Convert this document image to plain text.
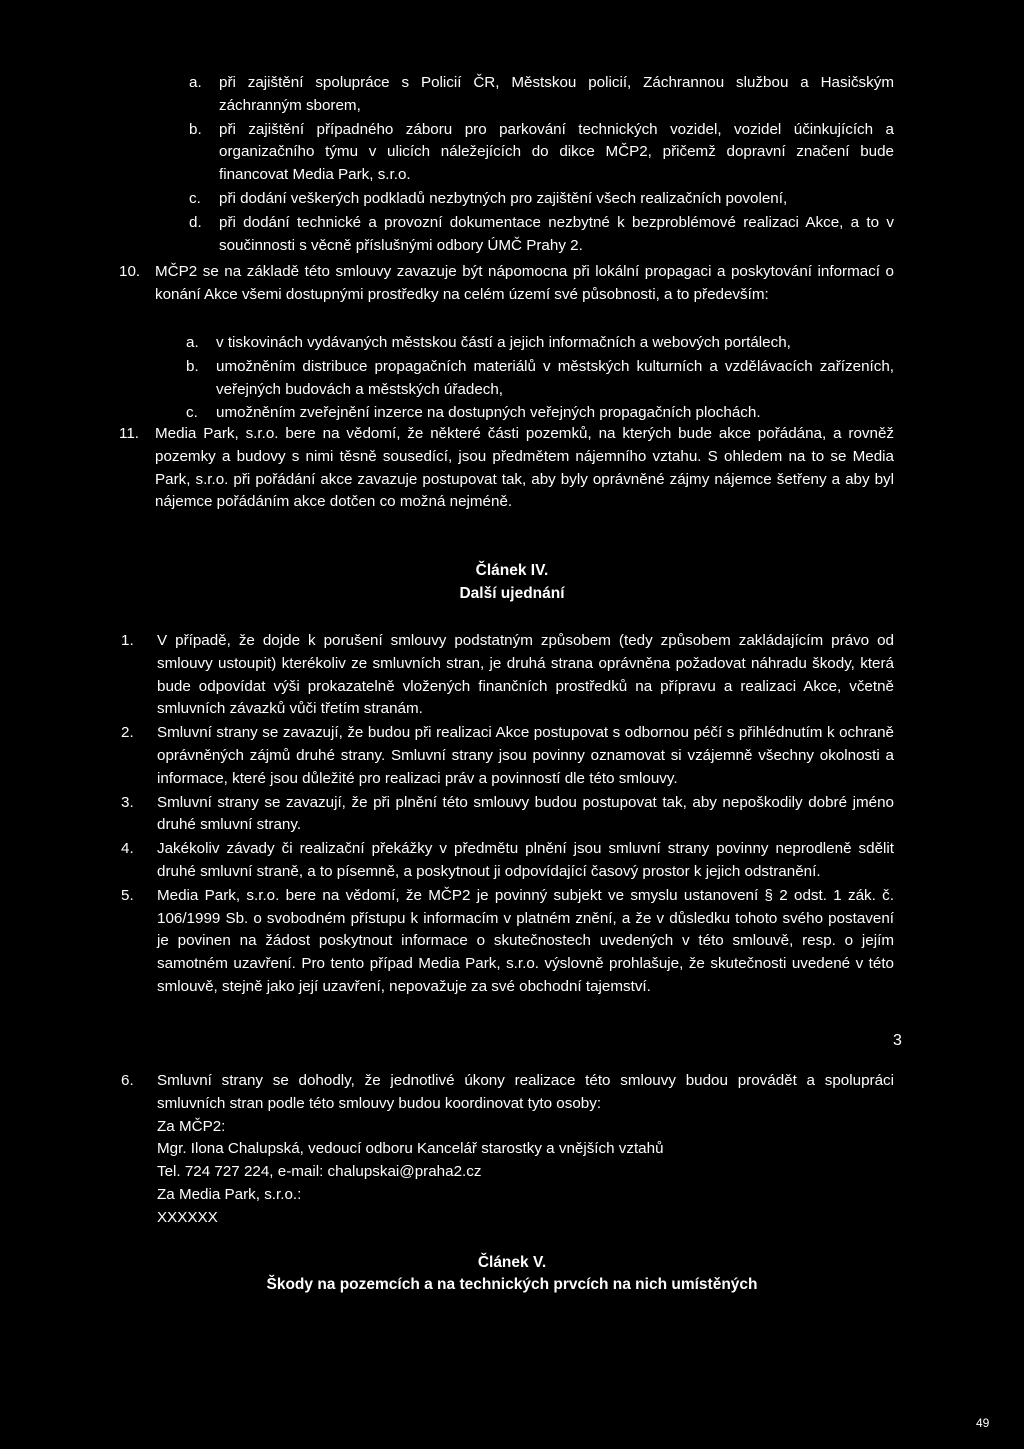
a.	při zajištění spolupráce s Policií ČR, Městskou policií, Záchrannou službou a Hasičským záchranným sborem,
b.	při zajištění případného záboru pro parkování technických vozidel, vozidel účinkujících a organizačního týmu v ulicích náležejících do dikce MČP2, přičemž dopravní značení bude financovat Media Park, s.r.o.
c.	při dodání veškerých podkladů nezbytných pro zajištění všech realizačních povolení,
d.	při dodání technické a provozní dokumentace nezbytné k bezproblémové realizaci Akce, a to v součinnosti s věcně příslušnými odbory ÚMČ Prahy 2.
10. MČP2 se na základě této smlouvy zavazuje být nápomocna při lokální propagaci a poskytování informací o konání Akce všemi dostupnými prostředky na celém území své působnosti, a to především:
a.	v tiskovinách vydávaných městskou částí a jejich informačních a webových portálech,
b.	umožněním distribuce propagačních materiálů v městských kulturních a vzdělávacích zařízeních, veřejných budovách a městských úřadech,
c.	umožněním zveřejnění inzerce na dostupných veřejných propagačních plochách.
11.	Media Park, s.r.o. bere na vědomí, že některé části pozemků, na kterých bude akce pořádána, a rovněž pozemky a budovy s nimi těsně sousedící, jsou předmětem nájemního vztahu. S ohledem na to se Media Park, s.r.o. při pořádání akce zavazuje postupovat tak, aby byly oprávněné zájmy nájemce šetřeny a aby byl nájemce pořádáním akce dotčen co možná nejméně.
Článek IV.
Další ujednání
1.	V případě, že dojde k porušení smlouvy podstatným způsobem (tedy způsobem zakládajícím právo od smlouvy ustoupit) kterékoliv ze smluvních stran, je druhá strana oprávněna požadovat náhradu škody, která bude odpovídat výši prokazatelně vložených finančních prostředků na přípravu a realizaci Akce, včetně smluvních závazků vůči třetím stranám.
2.	Smluvní strany se zavazují, že budou při realizaci Akce postupovat s odbornou péčí s přihlédnutím k ochraně oprávněných zájmů druhé strany. Smluvní strany jsou povinny oznamovat si vzájemně všechny okolnosti a informace, které jsou důležité pro realizaci práv a povinností dle této smlouvy.
3.	Smluvní strany se zavazují, že při plnění této smlouvy budou postupovat tak, aby nepoškodily dobré jméno druhé smluvní strany.
4.	Jakékoliv závady či realizační překážky v předmětu plnění jsou smluvní strany povinny neprodleně sdělit druhé smluvní straně, a to písemně, a poskytnout ji odpovídající časový prostor k jejich odstranění.
5.	Media Park, s.r.o. bere na vědomí, že MČP2 je povinný subjekt ve smyslu ustanovení § 2 odst. 1 zák. č. 106/1999 Sb. o svobodném přístupu k informacím v platném znění, a že v důsledku tohoto svého postavení je povinen na žádost poskytnout informace o skutečnostech uvedených v této smlouvě, resp. o jejím samotném uzavření. Pro tento případ Media Park, s.r.o. výslovně prohlašuje, že skutečnosti uvedené v této smlouvě, stejně jako její uzavření, nepovažuje za své obchodní tajemství.
6.	Smluvní strany se dohodly, že jednotlivé úkony realizace této smlouvy budou provádět a spolupráci smluvních stran podle této smlouvy budou koordinovat tyto osoby:
Za MČP2:
Mgr. Ilona Chalupská, vedoucí odboru Kancelář starostky a vnějších vztahů
Tel. 724 727 224, e-mail: chalupskai@praha2.cz
Za Media Park, s.r.o.:
XXXXXX
Článek V.
Škody na pozemcích a na technických prvcích na nich umístěných
3
49
